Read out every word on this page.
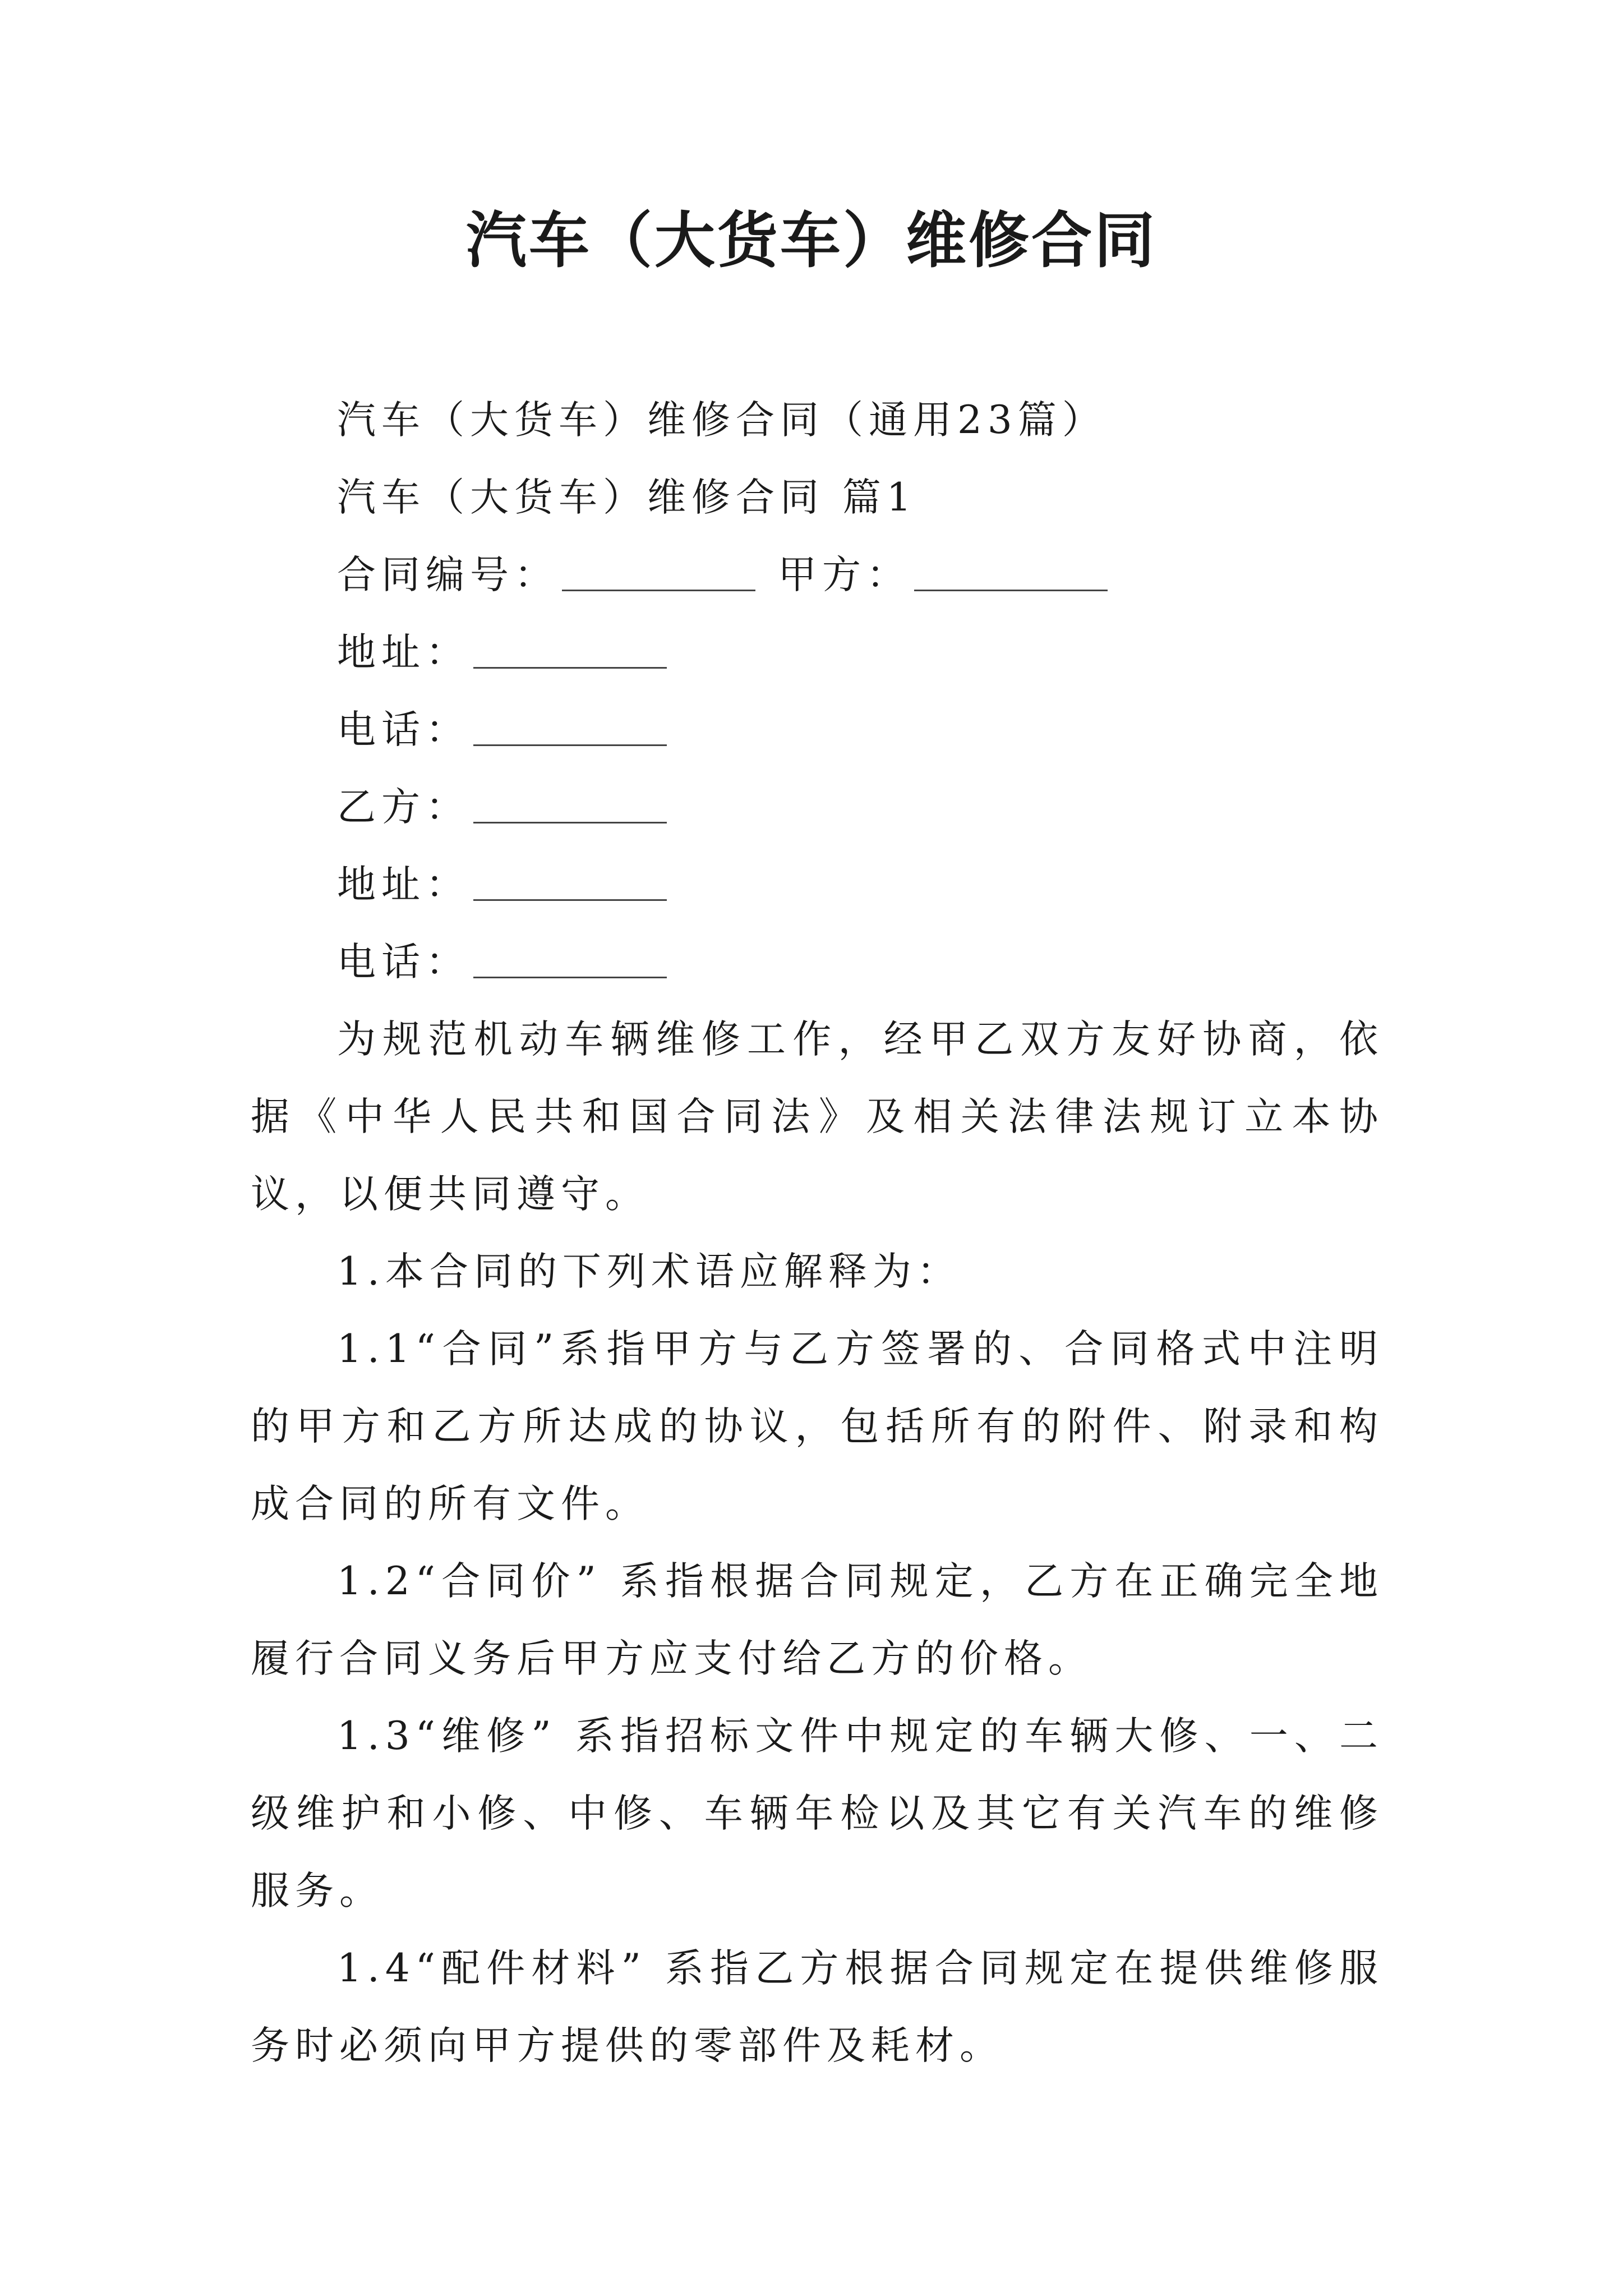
汽车（大货车）维修合同
汽车（大货车）维修合同（通用23篇）
汽车（大货车）维修合同 篇1
合同编号：	甲方：
地址：
电话：
乙方：
地址：
电话：
为规范机动车辆维修工作，经甲乙双方友好协商，依据《中华人民共和国合同法》及相关法律法规订立本协议，以便共同遵守。
1.本合同的下列术语应解释为：
1.1“合同”系指甲方与乙方签署的、合同格式中注明的甲方和乙方所达成的协议，包括所有的附件、附录和构成合同的所有文件。
1.2“合同价” 系指根据合同规定，乙方在正确完全地履行合同义务后甲方应支付给乙方的价格。
1.3“维修” 系指招标文件中规定的车辆大修、一、二级维护和小修、中修、车辆年检以及其它有关汽车的维修服务。
1.4“配件材料” 系指乙方根据合同规定在提供维修服务时必须向甲方提供的零部件及耗材。
